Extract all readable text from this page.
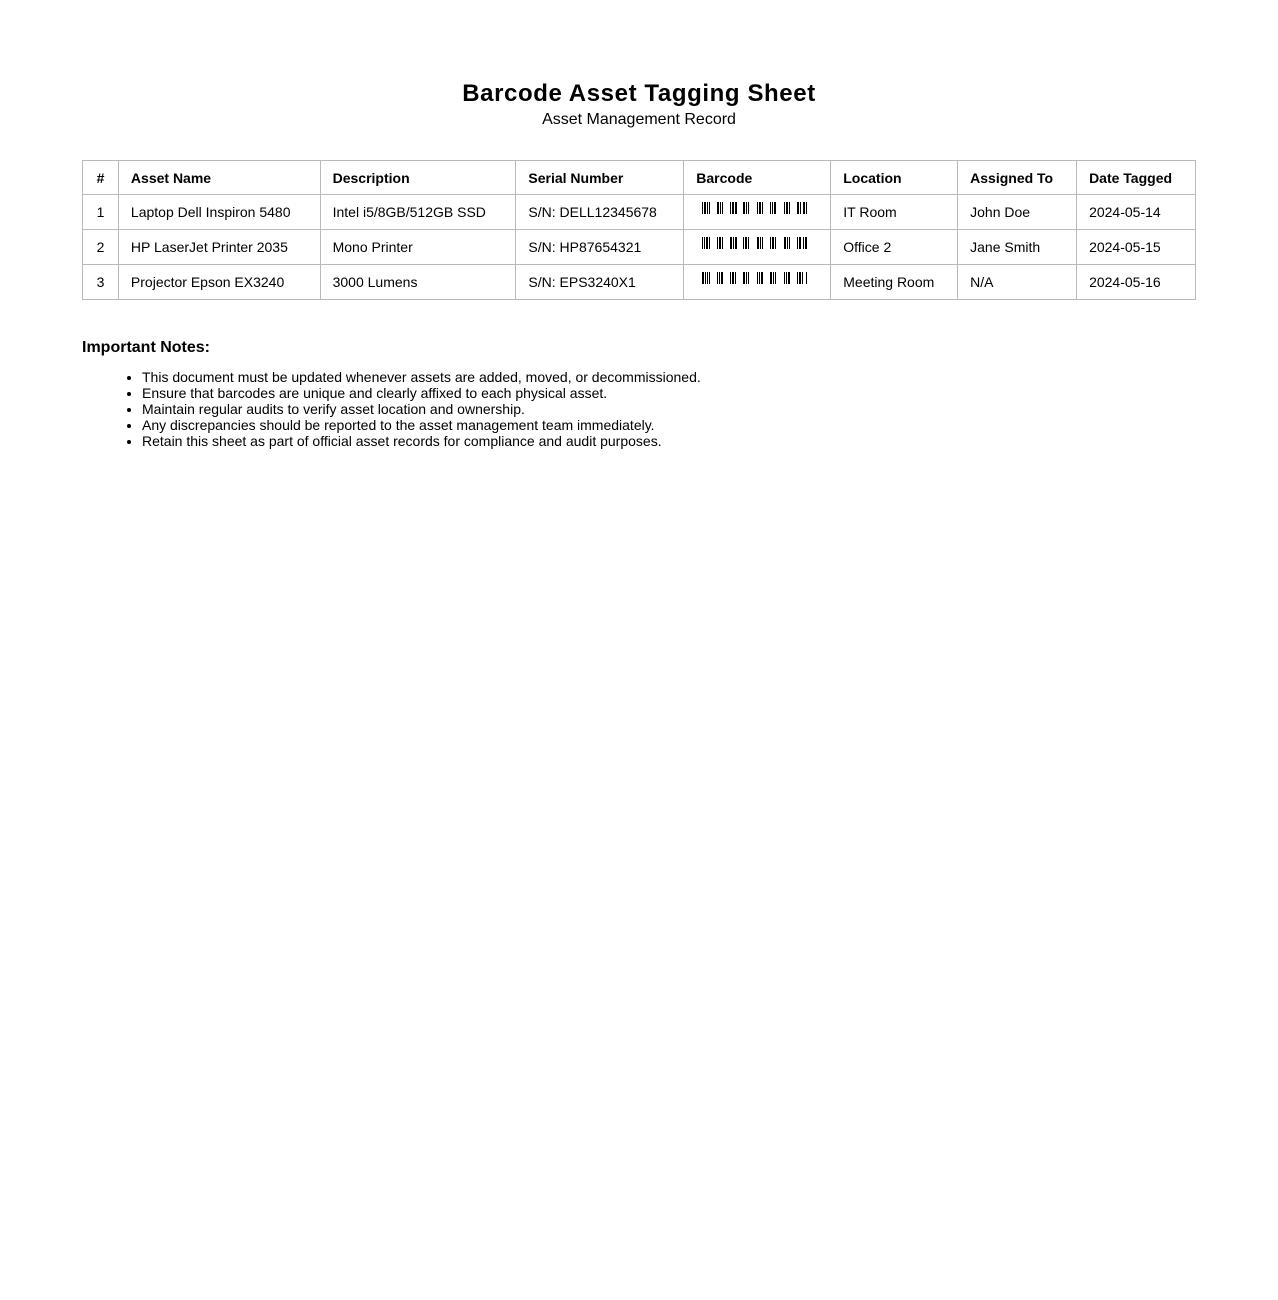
Barcode Asset Tagging Sheet
Asset Management Record
#	Asset Name	Description	Serial Number	Barcode	Location	Assigned To	Date Tagged
1	Laptop Dell Inspiron 5480	Intel i5/8GB/512GB SSD	S/N: DELL12345678		IT Room	John Doe	2024-05-14
2	HP LaserJet Printer 2035	Mono Printer	S/N: HP87654321		Office 2	Jane Smith	2024-05-15
3	Projector Epson EX3240	3000 Lumens	S/N: EPS3240X1		Meeting Room	N/A	2024-05-16
Important Notes:
• This document must be updated whenever assets are added, moved, or decommissioned.
• Ensure that barcodes are unique and clearly affixed to each physical asset.
• Maintain regular audits to verify asset location and ownership.
• Any discrepancies should be reported to the asset management team immediately.
• Retain this sheet as part of official asset records for compliance and audit purposes.
